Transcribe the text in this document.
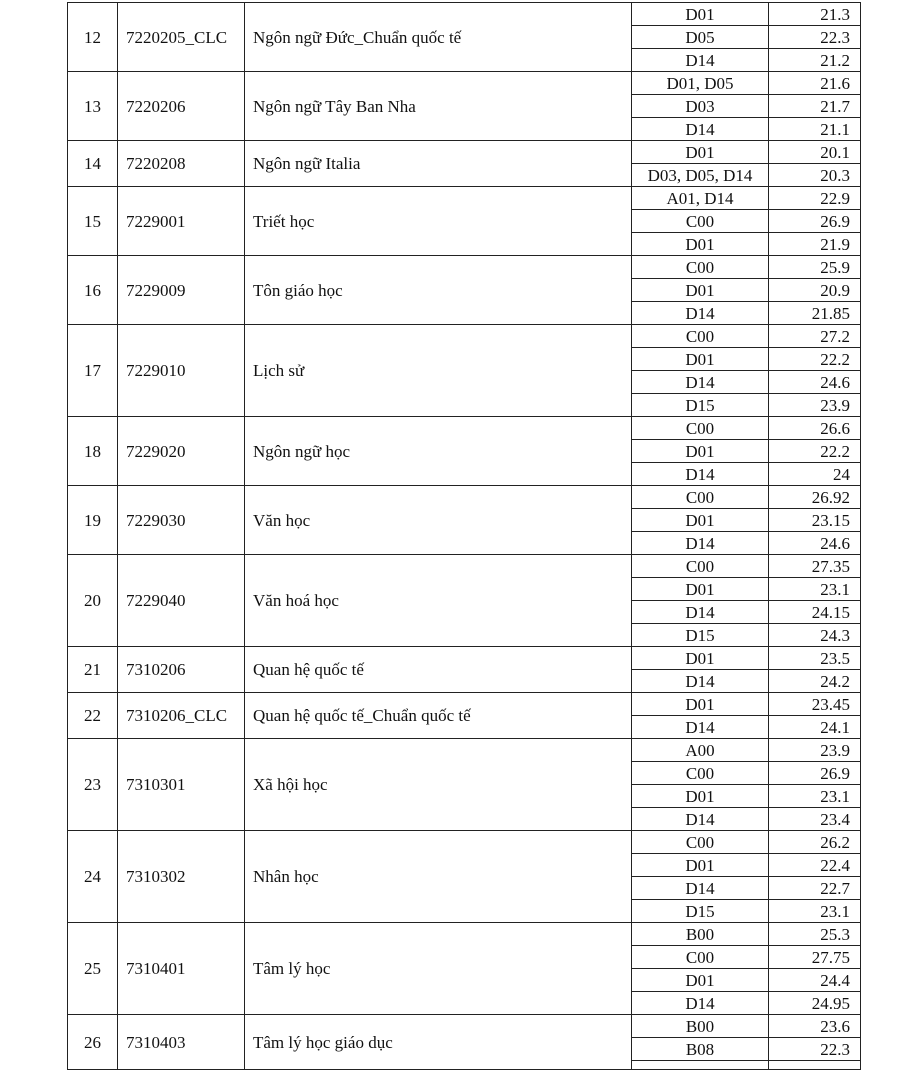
12	7220205_CLC	Ngôn ngữ Đức_Chuẩn quốc tế	D01	21.3
			D05	22.3
			D14	21.2
13	7220206	Ngôn ngữ Tây Ban Nha	D01, D05	21.6
			D03	21.7
			D14	21.1
14	7220208	Ngôn ngữ Italia	D01	20.1
			D03, D05, D14	20.3
15	7229001	Triết học	A01, D14	22.9
			C00	26.9
			D01	21.9
16	7229009	Tôn giáo học	C00	25.9
			D01	20.9
			D14	21.85
17	7229010	Lịch sử	C00	27.2
			D01	22.2
			D14	24.6
			D15	23.9
18	7229020	Ngôn ngữ học	C00	26.6
			D01	22.2
			D14	24
19	7229030	Văn học	C00	26.92
			D01	23.15
			D14	24.6
20	7229040	Văn hoá học	C00	27.35
			D01	23.1
			D14	24.15
			D15	24.3
21	7310206	Quan hệ quốc tế	D01	23.5
			D14	24.2
22	7310206_CLC	Quan hệ quốc tế_Chuẩn quốc tế	D01	23.45
			D14	24.1
23	7310301	Xã hội học	A00	23.9
			C00	26.9
			D01	23.1
			D14	23.4
24	7310302	Nhân học	C00	26.2
			D01	22.4
			D14	22.7
			D15	23.1
25	7310401	Tâm lý học	B00	25.3
			C00	27.75
			D01	24.4
			D14	24.95
26	7310403	Tâm lý học giáo dục	B00	23.6
			B08	22.3
